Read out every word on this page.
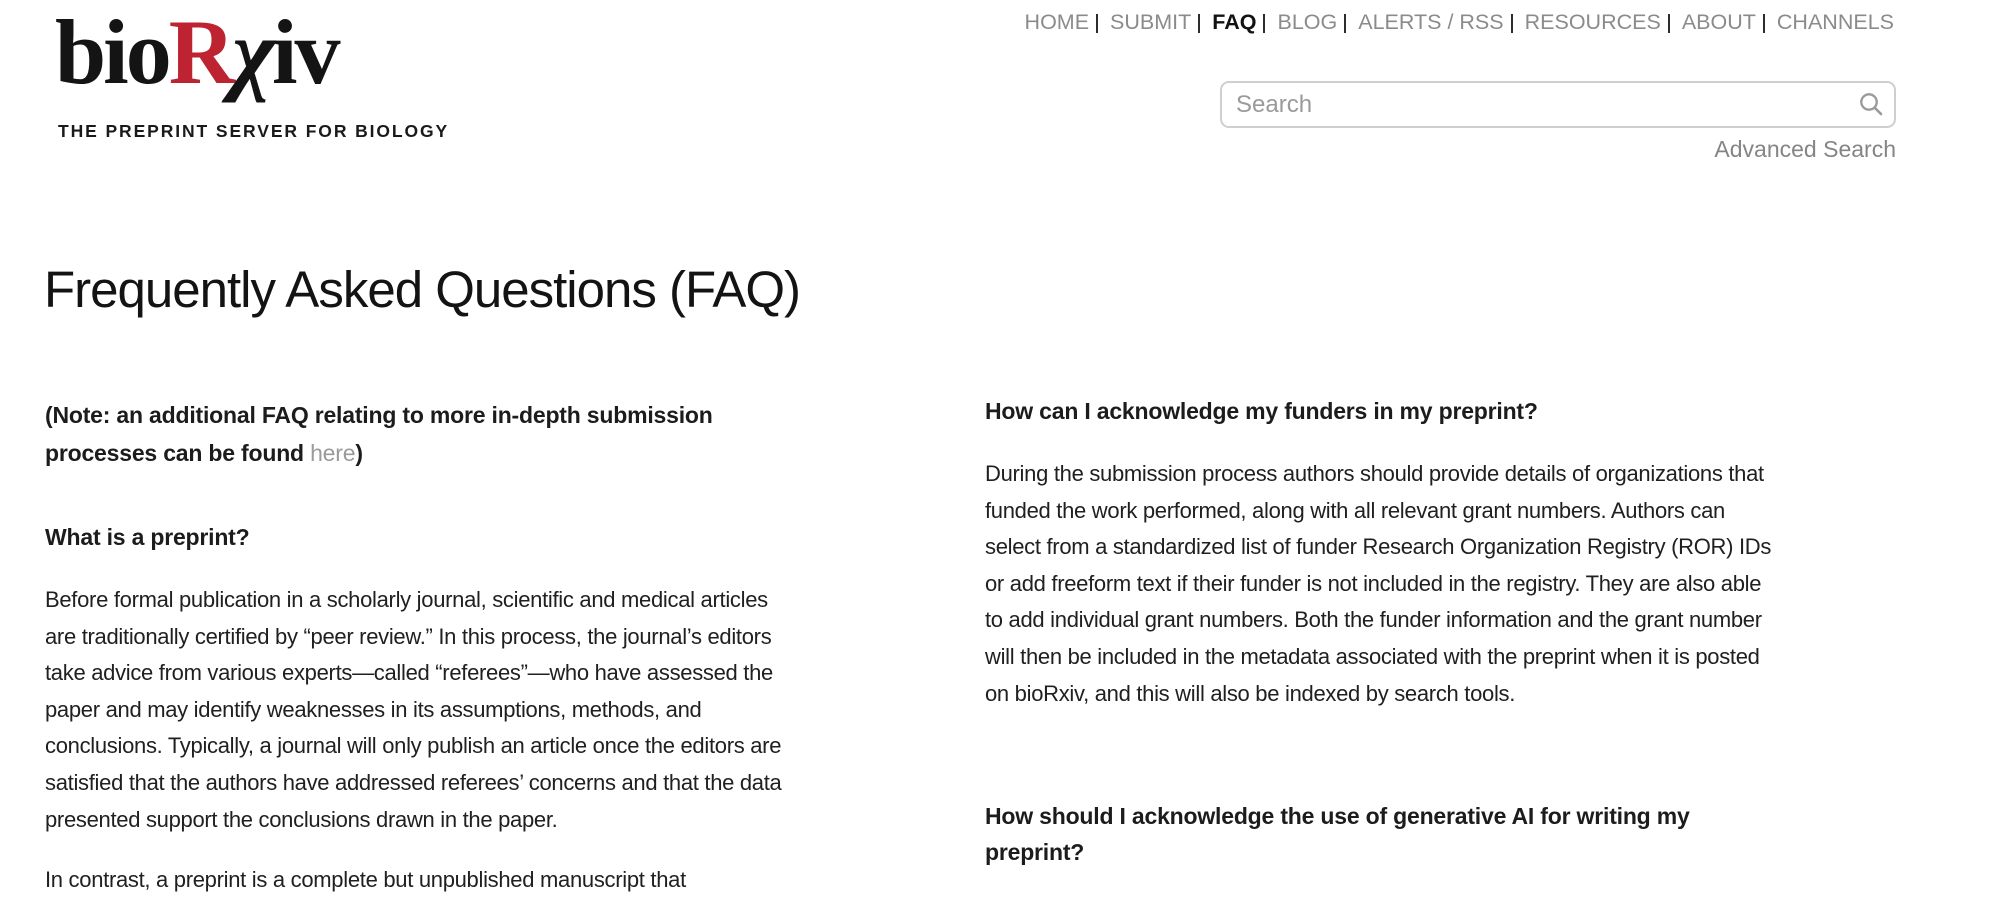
bioRχiv
THE PREPRINT SERVER FOR BIOLOGY
HOME SUBMIT FAQ BLOG ALERTS / RSS RESOURCES ABOUT CHANNELS
Search
Advanced Search
Frequently Asked Questions (FAQ)

(Note: an additional FAQ relating to more in-depth submission processes can be found here)

What is a preprint?

Before formal publication in a scholarly journal, scientific and medical articles are traditionally certified by “peer review.” In this process, the journal’s editors take advice from various experts—called “referees”—who have assessed the paper and may identify weaknesses in its assumptions, methods, and conclusions. Typically, a journal will only publish an article once the editors are satisfied that the authors have addressed referees’ concerns and that the data presented support the conclusions drawn in the paper.

In contrast, a preprint is a complete but unpublished manuscript that

How can I acknowledge my funders in my preprint?

During the submission process authors should provide details of organizations that funded the work performed, along with all relevant grant numbers. Authors can select from a standardized list of funder Research Organization Registry (ROR) IDs or add freeform text if their funder is not included in the registry. They are also able to add individual grant numbers. Both the funder information and the grant number will then be included in the metadata associated with the preprint when it is posted on bioRxiv, and this will also be indexed by search tools.

How should I acknowledge the use of generative AI for writing my preprint?
